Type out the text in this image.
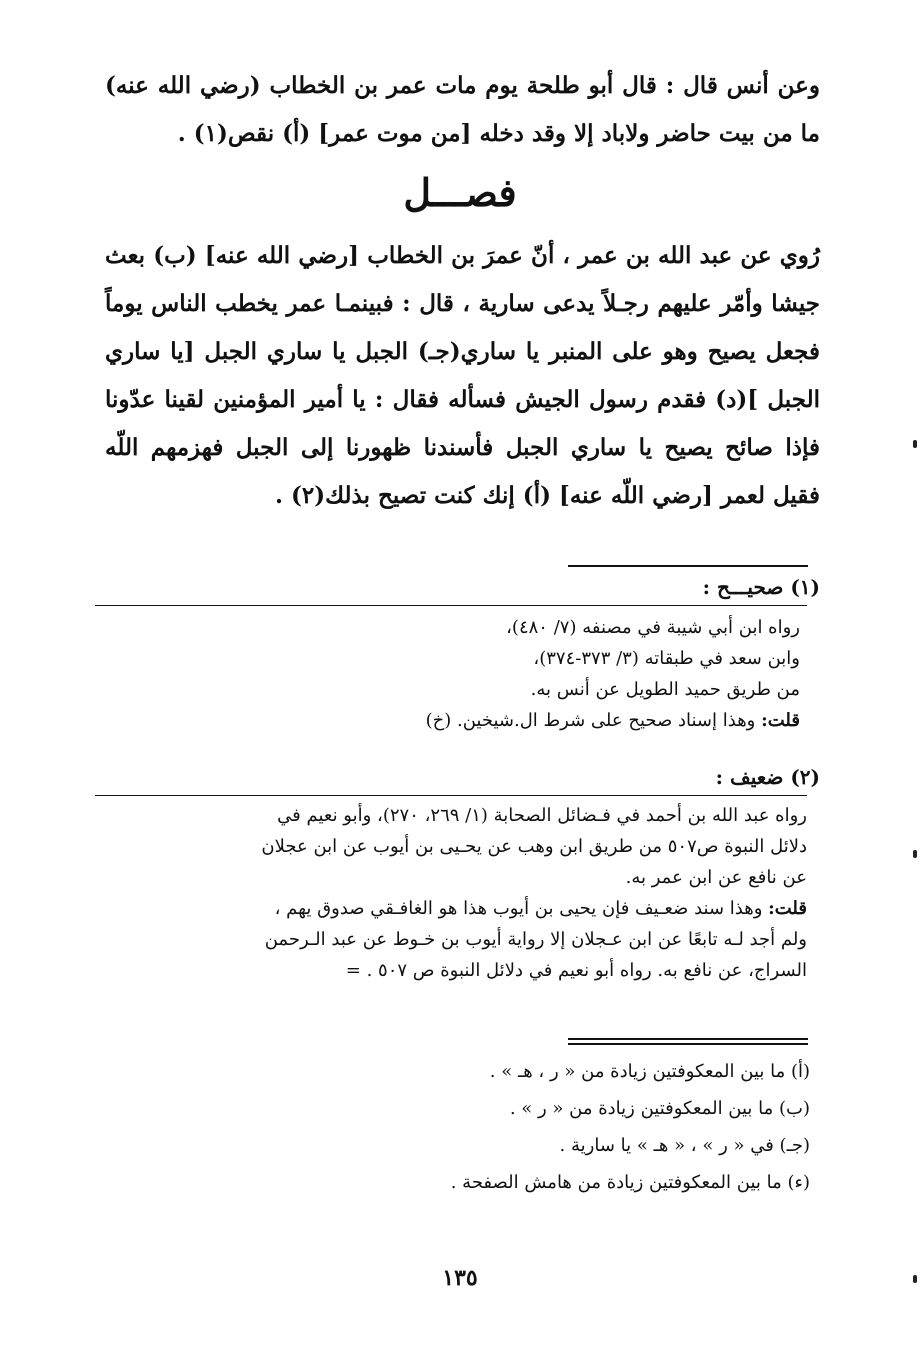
وعن أنس قال : قال أبو طلحة يوم مات عمر بن الخطاب (رضي الله عنه) ما من بيت حاضر ولاباد إلا وقد دخله [من موت عمر] (أ) نقص(١) .

فصـــل

رُوي عن عبد الله بن عمر ، أنّ عمرَ بن الخطاب [رضي الله عنه] (ب) بعث جيشا وأمّر عليهم رجـلاً يدعى سارية ، قال : فبينمـا عمر يخطب الناس يوماً فجعل يصيح وهو على المنبر يا ساري(جـ) الجبل يا ساري الجبل [يا ساري الجبل ](د) فقدم رسول الجيش فسأله فقال : يا أمير المؤمنين لقينا عدّونا فإذا صائح يصيح يا ساري الجبل فأسندنا ظهورنا إلى الجبل فهزمهم اللّه فقيل لعمر [رضي اللّه عنه] (أ) إنك كنت تصيح بذلك(٢) .

(١) صحيـــح :
رواه ابن أبي شيبة في مصنفه (٧/ ٤٨٠)،
وابن سعد في طبقاته (٣/ ٣٧٣-٣٧٤)،
من طريق حميد الطويل عن أنس به.
قلت: وهذا إسناد صحيح على شرط ال.شيخين. (خ)
(٢) ضعيف :
رواه عبد الله بن أحمد في فـضائل الصحابة (١/ ٢٦٩، ٢٧٠)، وأبو نعيم في
دلائل النبوة ص٥٠٧ من طريق ابن وهب عن يحـيى بن أيوب عن ابن عجلان
عن نافع عن ابن عمر به.
قلت: وهذا سند ضعـيف فإن يحيى بن أيوب هذا هو الغافـقي صدوق يهم ،
ولم أجد لـه تابعًا عن ابن عـجلان إلا رواية أيوب بن خـوط عن عبد الـرحمن
السراج، عن نافع به. رواه أبو نعيم في دلائل النبوة ص ٥٠٧ . =
(أ) ما بين المعكوفتين زيادة من « ر ، هـ » .
(ب) ما بين المعكوفتين زيادة من « ر » .
(جـ) في « ر » ، « هـ » يا سارية .
(ء) ما بين المعكوفتين زيادة من هامش الصفحة .
١٣٥
